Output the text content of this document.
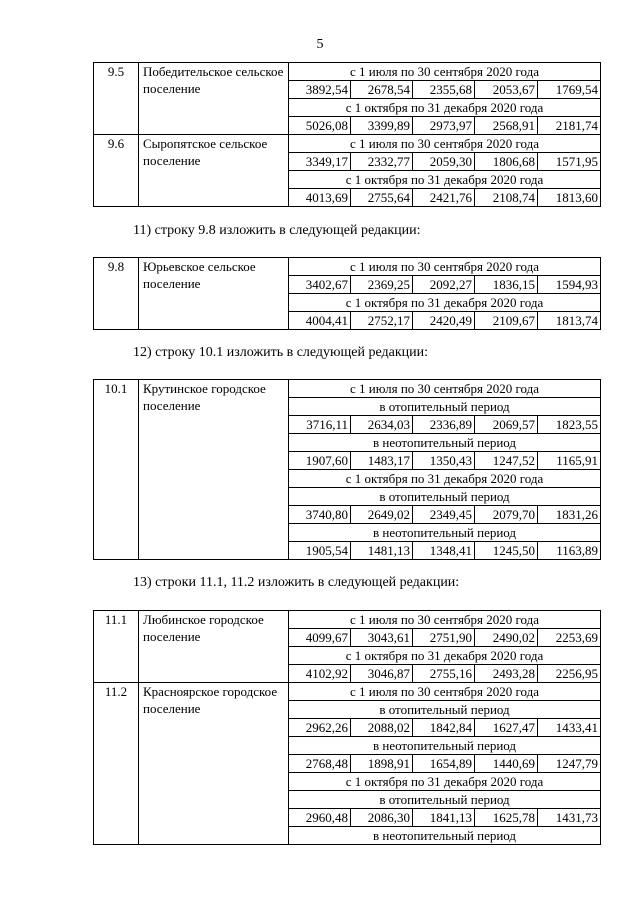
5
9.5	Победительское сельское поселение	с 1 июля по 30 сентября 2020 года				
		3892,54	2678,54	2355,68	2053,67	1769,54
		с 1 октября по 31 декабря 2020 года				
		5026,08	3399,89	2973,97	2568,91	2181,74
9.6	Сыропятское сельское поселение	с 1 июля по 30 сентября 2020 года				
		3349,17	2332,77	2059,30	1806,68	1571,95
		с 1 октября по 31 декабря 2020 года				
		4013,69	2755,64	2421,76	2108,74	1813,60
11) строку 9.8 изложить в следующей редакции:
9.8	Юрьевское сельское поселение	с 1 июля по 30 сентября 2020 года				
		3402,67	2369,25	2092,27	1836,15	1594,93
		с 1 октября по 31 декабря 2020 года				
		4004,41	2752,17	2420,49	2109,67	1813,74
12) строку 10.1 изложить в следующей редакции:
10.1	Крутинское городское поселение	с 1 июля по 30 сентября 2020 года				
		в отопительный период				
		3716,11	2634,03	2336,89	2069,57	1823,55
		в неотопительный период				
		1907,60	1483,17	1350,43	1247,52	1165,91
		с 1 октября по 31 декабря 2020 года				
		в отопительный период				
		3740,80	2649,02	2349,45	2079,70	1831,26
		в неотопительный период				
		1905,54	1481,13	1348,41	1245,50	1163,89
13) строки 11.1, 11.2 изложить в следующей редакции:
11.1	Любинское городское поселение	с 1 июля по 30 сентября 2020 года				
		4099,67	3043,61	2751,90	2490,02	2253,69
		с 1 октября по 31 декабря 2020 года				
		4102,92	3046,87	2755,16	2493,28	2256,95
11.2	Красноярское городское поселение	с 1 июля по 30 сентября 2020 года				
		в отопительный период				
		2962,26	2088,02	1842,84	1627,47	1433,41
		в неотопительный период				
		2768,48	1898,91	1654,89	1440,69	1247,79
		с 1 октября по 31 декабря 2020 года				
		в отопительный период				
		2960,48	2086,30	1841,13	1625,78	1431,73
		в неотопительный период				
